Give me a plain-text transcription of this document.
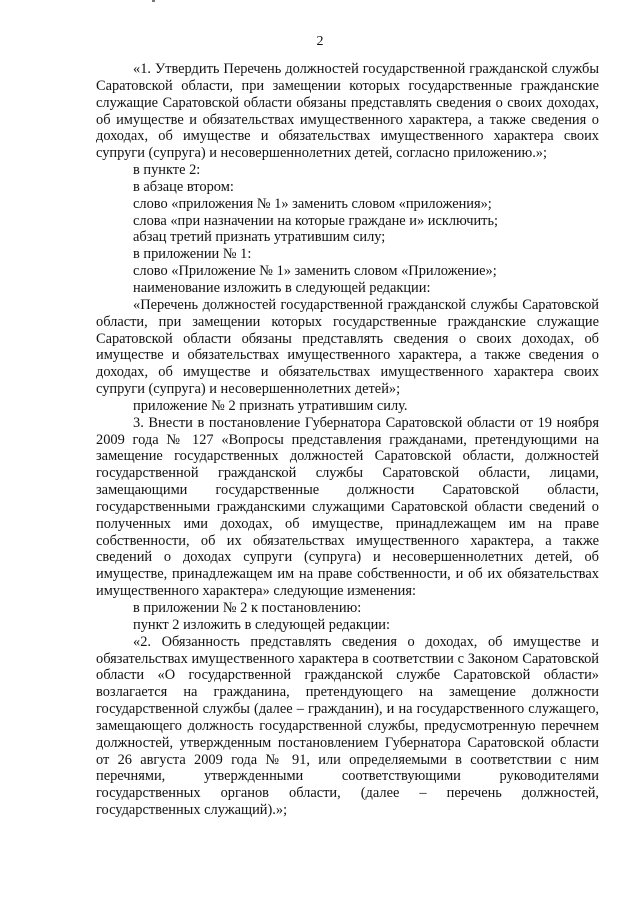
2

«1. Утвердить Перечень должностей государственной гражданской службы Саратовской области, при замещении которых государственные гражданские служащие Саратовской области обязаны представлять сведения о своих доходах, об имуществе и обязательствах имущественного характера, а также сведения о доходах, об имуществе и обязательствах имущественного характера своих супруги (супруга) и несовершеннолетних детей, согласно приложению.»;

в пункте 2:

в абзаце втором:

слово «приложения № 1» заменить словом «приложения»;

слова «при назначении на которые граждане и» исключить;

абзац третий признать утратившим силу;

в приложении № 1:

слово «Приложение № 1» заменить словом «Приложение»;

наименование изложить в следующей редакции:

«Перечень должностей государственной гражданской службы Саратовской области, при замещении которых государственные гражданские служащие Саратовской области обязаны представлять сведения о своих доходах, об имуществе и обязательствах имущественного характера, а также сведения о доходах, об имуществе и обязательствах имущественного характера своих супруги (супруга) и несовершеннолетних детей»;

приложение № 2 признать утратившим силу.

3. Внести в постановление Губернатора Саратовской области от 19 ноября 2009 года № 127 «Вопросы представления гражданами, претендующими на замещение государственных должностей Саратовской области, должностей государственной гражданской службы Саратовской области, лицами, замещающими государственные должности Саратовской области, государственными гражданскими служащими Саратовской области сведений о полученных ими доходах, об имуществе, принадлежащем им на праве собственности, об их обязательствах имущественного характера, а также сведений о доходах супруги (супруга) и несовершеннолетних детей, об имуществе, принадлежащем им на праве собственности, и об их обязательствах имущественного характера» следующие изменения:

в приложении № 2 к постановлению:

пункт 2 изложить в следующей редакции:

«2. Обязанность представлять сведения о доходах, об имуществе и обязательствах имущественного характера в соответствии с Законом Саратовской области «О государственной гражданской службе Саратовской области» возлагается на гражданина, претендующего на замещение должности государственной службы (далее – гражданин), и на государственного служащего, замещающего должность государственной службы, предусмотренную перечнем должностей, утвержденным постановлением Губернатора Саратовской области от 26 августа 2009 года № 91, или определяемыми в соответствии с ним перечнями, утвержденными соответствующими руководителями государственных органов области, (далее – перечень должностей, государственных служащий).»;
